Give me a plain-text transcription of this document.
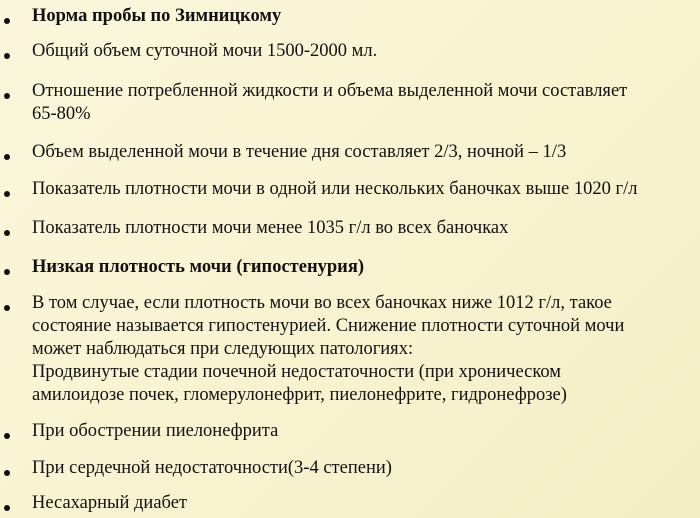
Норма пробы по Зимницкому
Общий объем суточной мочи 1500-2000 мл.
Отношение потребленной жидкости и объема выделенной мочи составляет
65-80%
Объем выделенной мочи в течение дня составляет 2/3, ночной – 1/3
Показатель плотности мочи в одной или нескольких баночках выше 1020 г/л
Показатель плотности мочи менее 1035 г/л во всех баночках
Низкая плотность мочи (гипостенурия)
В том случае, если плотность мочи во всех баночках ниже 1012 г/л, такое
состояние называется гипостенурией. Снижение плотности суточной мочи
может наблюдаться при следующих патологиях:
Продвинутые стадии почечной недостаточности (при хроническом
амилоидозе почек, гломерулонефрит, пиелонефрите, гидронефрозе)
При обострении пиелонефрита
При сердечной недостаточности(3-4 степени)
Несахарный диабет
